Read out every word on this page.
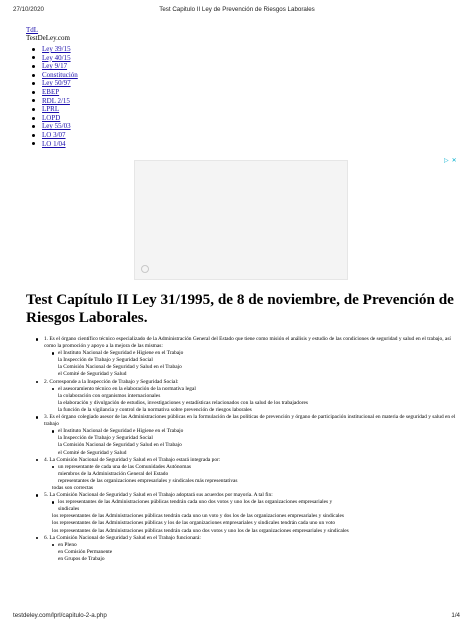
27/10/2020	Test Capitulo II Ley de Prevención de Riesgos Laborales
TdL
TestDeLey.com
Ley 39/15
Ley 40/15
Ley 9/17
Constitución
Ley 50/97
EBEP
RDL 2/15
LPRL
LOPD
Ley 55/03
LO 3/07
LO 1/04
▷ ✕
Test Capítulo II Ley 31/1995, de 8 de noviembre, de Prevención de Riesgos Laborales.
1. Es el órgano científico técnico especializado de la Administración General del Estado que tiene como misión el análisis y estudio de las condiciones de seguridad y salud en el trabajo, así como la promoción y apoyo a la mejora de las mismas:
el Instituto Nacional de Seguridad e Higiene en el Trabajo
la Inspección de Trabajo y Seguridad Social
la Comisión Nacional de Seguridad y Salud en el Trabajo
el Comité de Seguridad y Salud
2. Corresponde a la Inspección de Trabajo y Seguridad Social:
el asesoramiento técnico en la elaboración de la normativa legal
la colaboración con organismos internacionales
la elaboración y divulgación de estudios, investigaciones y estadísticas relacionados con la salud de los trabajadores
la función de la vigilancia y control de la normativa sobre prevención de riesgos laborales
3. Es el órgano colegiado asesor de las Administraciones públicas en la formulación de las políticas de prevención y órgano de participación institucional en materia de seguridad y salud en el trabajo
el Instituto Nacional de Seguridad e Higiene en el Trabajo
la Inspección de Trabajo y Seguridad Social
la Comisión Nacional de Seguridad y Salud en el Trabajo
el Comité de Seguridad y Salud
4. La Comisión Nacional de Seguridad y Salud en el Trabajo estará integrada por:
un representante de cada una de las Comunidades Autónomas
miembros de la Administración General del Estado
representantes de las organizaciones empresariales y sindicales más representativas
todas son correctas
5. La Comisión Nacional de Seguridad y Salud en el Trabajo adoptará sus acuerdos por mayoría. A tal fin:
los representantes de las Administraciones públicas tendrán cada uno dos votos y uno los de las organizaciones empresariales y
sindicales
los representantes de las Administraciones públicas tendrán cada uno un voto y dos los de las organizaciones empresariales y sindicales
los representantes de las Administraciones públicas y los de las organizaciones empresariales y sindicales tendrán cada uno un voto
los representantes de las Administraciones públicas tendrán cada uno dos votos y uno los de las organizaciones empresariales y sindicales
6. La Comisión Nacional de Seguridad y Salud en el Trabajo funcionará:
en Pleno
en Comisión Permanente
en Grupos de Trabajo
testdeley.com/lprl/capitulo-2-a.php	1/4
